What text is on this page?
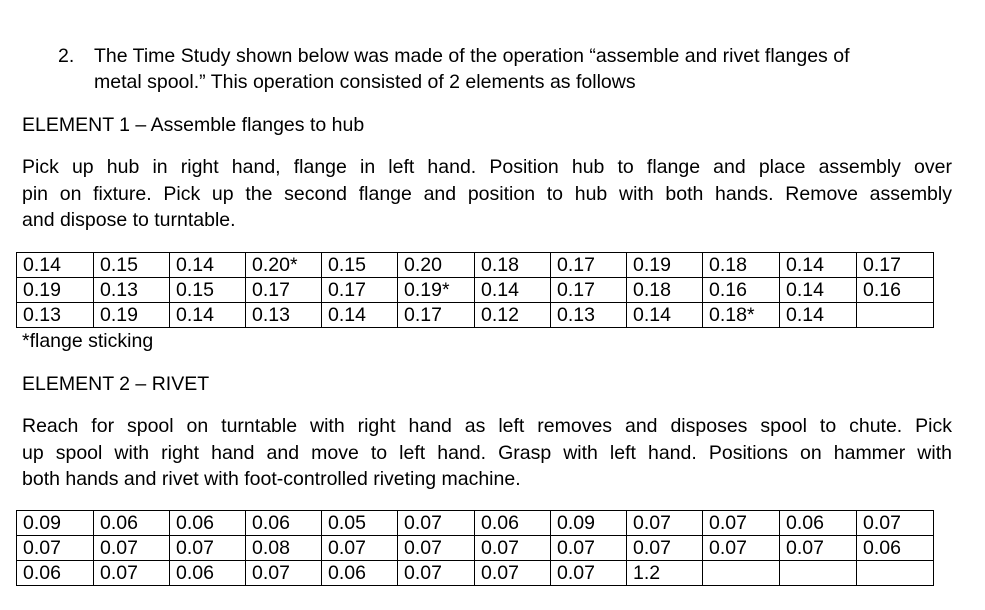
2. The Time Study shown below was made of the operation “assemble and rivet flanges of
metal spool.” This operation consisted of 2 elements as follows
ELEMENT 1 – Assemble flanges to hub
Pick up hub in right hand, flange in left hand. Position hub to flange and place assembly over
pin on fixture. Pick up the second flange and position to hub with both hands. Remove assembly
and dispose to turntable.
0.14	0.15	0.14	0.20*	0.15	0.20	0.18	0.17	0.19	0.18	0.14	0.17
0.19	0.13	0.15	0.17	0.17	0.19*	0.14	0.17	0.18	0.16	0.14	0.16
0.13	0.19	0.14	0.13	0.14	0.17	0.12	0.13	0.14	0.18*	0.14	
*flange sticking
ELEMENT 2 – RIVET
Reach for spool on turntable with right hand as left removes and disposes spool to chute. Pick
up spool with right hand and move to left hand. Grasp with left hand. Positions on hammer with
both hands and rivet with foot-controlled riveting machine.
0.09	0.06	0.06	0.06	0.05	0.07	0.06	0.09	0.07	0.07	0.06	0.07
0.07	0.07	0.07	0.08	0.07	0.07	0.07	0.07	0.07	0.07	0.07	0.06
0.06	0.07	0.06	0.07	0.06	0.07	0.07	0.07	1.2			
